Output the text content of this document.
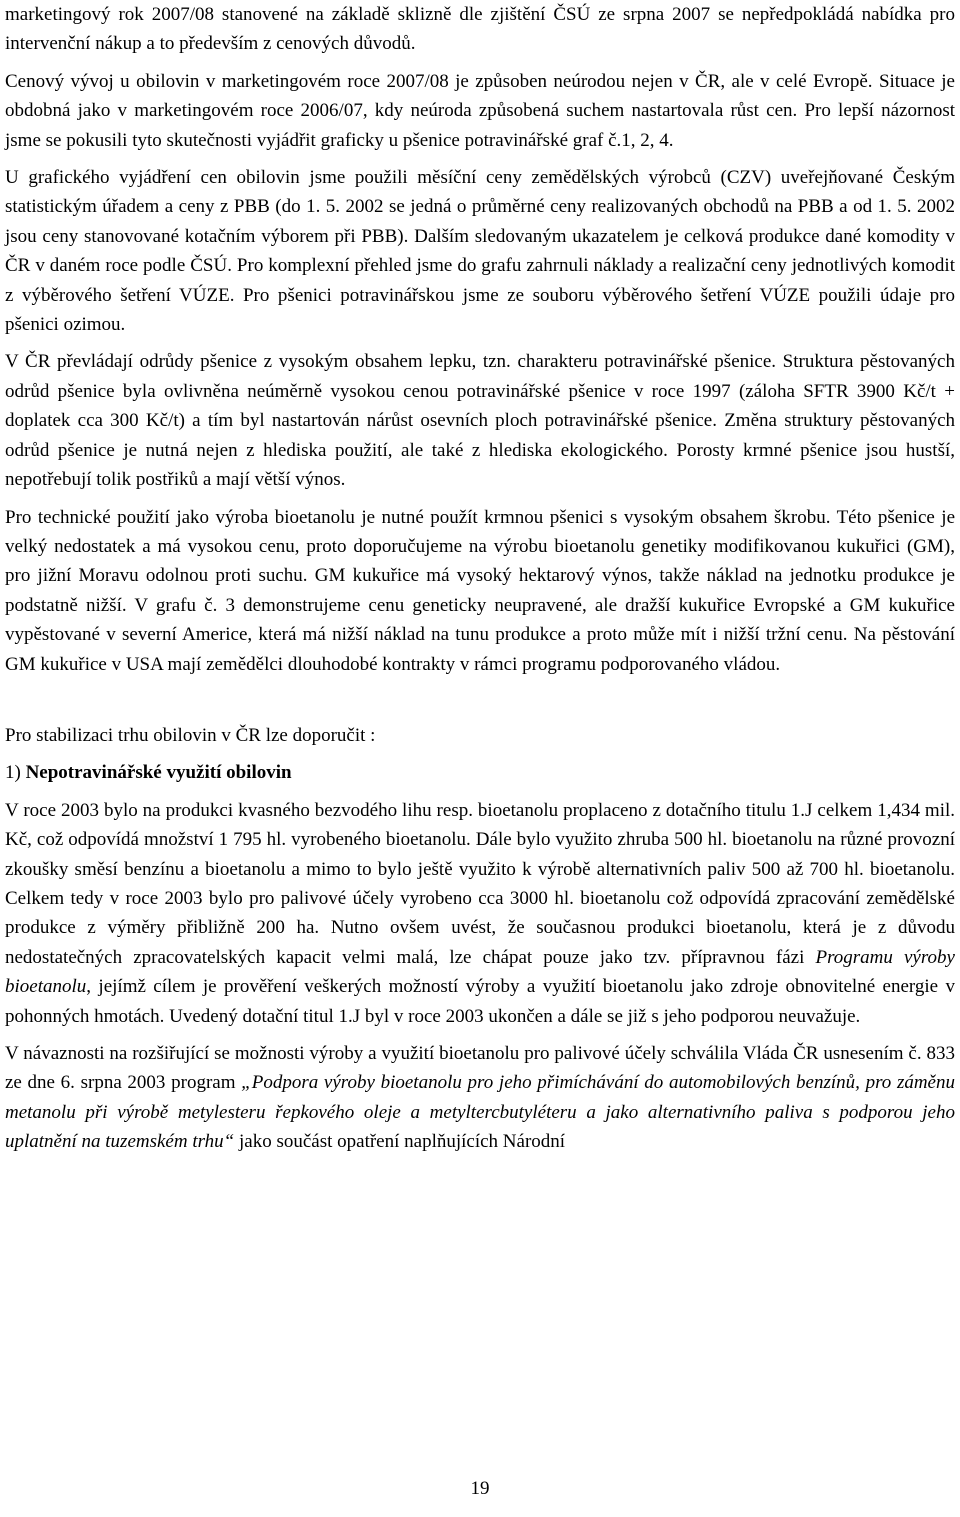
marketingový rok 2007/08 stanovené na základě sklizně dle zjištění ČSÚ ze srpna 2007 se nepředpokládá nabídka pro intervenční nákup a to především z cenových důvodů.

Cenový vývoj u obilovin v marketingovém roce 2007/08 je způsoben neúrodou nejen v ČR, ale v celé Evropě. Situace je obdobná jako v marketingovém roce 2006/07, kdy neúroda způsobená suchem nastartovala růst cen. Pro lepší názornost jsme se pokusili tyto skutečnosti vyjádřit graficky u pšenice potravinářské graf č.1, 2, 4.

U grafického vyjádření cen obilovin jsme použili měsíční ceny zemědělských výrobců (CZV) uveřejňované Českým statistickým úřadem a ceny z PBB (do 1. 5. 2002 se jedná o průměrné ceny realizovaných obchodů na PBB a od 1. 5. 2002 jsou ceny stanovované kotačním výborem při PBB). Dalším sledovaným ukazatelem je celková produkce dané komodity v ČR v daném roce podle ČSÚ. Pro komplexní přehled jsme do grafu zahrnuli náklady a realizační ceny jednotlivých komodit z výběrového šetření VÚZE. Pro pšenici potravinářskou jsme ze souboru výběrového šetření VÚZE použili údaje pro pšenici ozimou.

V ČR převládají odrůdy pšenice z vysokým obsahem lepku, tzn. charakteru potravinářské pšenice. Struktura pěstovaných odrůd pšenice byla ovlivněna neúměrně vysokou cenou potravinářské pšenice v roce 1997 (záloha SFTR 3900 Kč/t + doplatek cca 300 Kč/t) a tím byl nastartován nárůst osevních ploch potravinářské pšenice. Změna struktury pěstovaných odrůd pšenice je nutná nejen z hlediska použití, ale také z hlediska ekologického. Porosty krmné pšenice jsou hustší, nepotřebují tolik postřiků a mají větší výnos.

Pro technické použití jako výroba bioetanolu je nutné použít krmnou pšenici s vysokým obsahem škrobu. Této pšenice je velký nedostatek a má vysokou cenu, proto doporučujeme na výrobu bioetanolu genetiky modifikovanou kukuřici (GM), pro jižní Moravu odolnou proti suchu. GM kukuřice má vysoký hektarový výnos, takže náklad na jednotku produkce je podstatně nižší. V grafu č. 3 demonstrujeme cenu geneticky neupravené, ale dražší kukuřice Evropské a GM kukuřice vypěstované v severní Americe, která má nižší náklad na tunu produkce a proto může mít i nižší tržní cenu. Na pěstování GM kukuřice v USA mají zemědělci dlouhodobé kontrakty v rámci programu podporovaného vládou.

Pro stabilizaci trhu obilovin v ČR lze doporučit :

1) Nepotravinářské využití obilovin

V roce 2003 bylo na produkci kvasného bezvodého lihu resp. bioetanolu proplaceno z dotačního titulu 1.J celkem 1,434 mil. Kč, což odpovídá množství 1 795 hl. vyrobeného bioetanolu. Dále bylo využito zhruba 500 hl. bioetanolu na různé provozní zkoušky směsí benzínu a bioetanolu a mimo to bylo ještě využito k výrobě alternativních paliv 500 až 700 hl. bioetanolu. Celkem tedy v roce 2003 bylo pro palivové účely vyrobeno cca 3000 hl. bioetanolu což odpovídá zpracování zemědělské produkce z výměry přibližně 200 ha. Nutno ovšem uvést, že současnou produkci bioetanolu, která je z důvodu nedostatečných zpracovatelských kapacit velmi malá, lze chápat pouze jako tzv. přípravnou fázi Programu výroby bioetanolu, jejímž cílem je prověření veškerých možností výroby a využití bioetanolu jako zdroje obnovitelné energie v pohonných hmotách. Uvedený dotační titul 1.J byl v roce 2003 ukončen a dále se již s jeho podporou neuvažuje.

V návaznosti na rozšiřující se možnosti výroby a využití bioetanolu pro palivové účely schválila Vláda ČR usnesením č. 833 ze dne 6. srpna 2003 program „Podpora výroby bioetanolu pro jeho přimíchávání do automobilových benzínů, pro záměnu metanolu při výrobě metylesteru řepkového oleje a metyltercbutyléteru a jako alternativního paliva s podporou jeho uplatnění na tuzemském trhu“ jako součást opatření naplňujících Národní

19
